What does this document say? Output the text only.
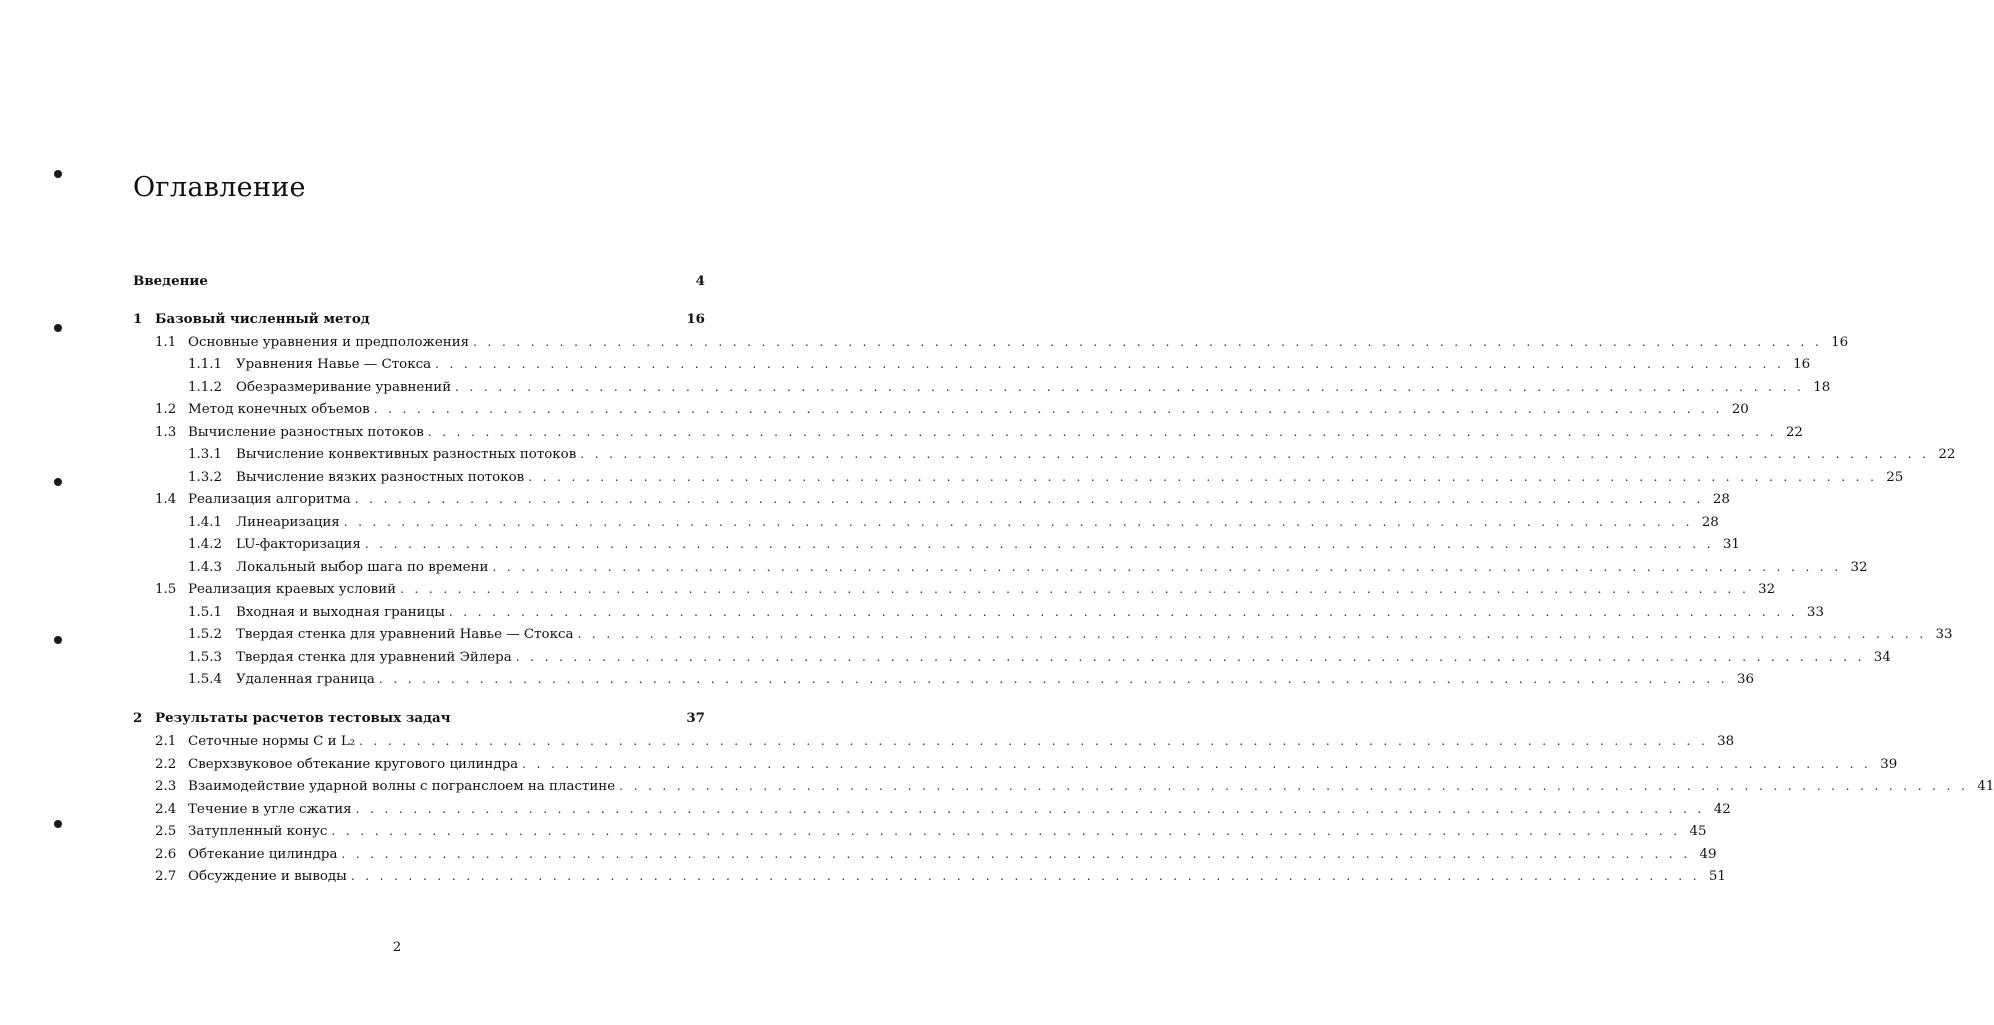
Оглавление
Введение	4
1 Базовый численный метод	16
1.1 Основные уравнения и предположения . . .	16
1.1.1	Уравнения Навье — Стокса . . .	16
1.1.2	Обезразмеривание уравнений . . .	18
1.2 Метод конечных объемов . . .	20
1.3 Вычисление разностных потоков . . .	22
1.3.1	Вычисление конвективных разностных потоков . . .	22
1.3.2	Вычисление вязких разностных потоков . . .	25
1.4 Реализация алгоритма . . .	28
1.4.1	Линеаризация . . .	28
1.4.2	LU-факторизация . . .	31
1.4.3	Локальный выбор шага по времени . . .	32
1.5 Реализация краевых условий . . .	32
1.5.1	Входная и выходная границы . . .	33
1.5.2	Твердая стенка для уравнений Навье — Стокса . . .	33
1.5.3	Твердая стенка для уравнений Эйлера . . .	34
1.5.4	Удаленная граница . . .	36
2 Результаты расчетов тестовых задач	37
2.1 Сеточные нормы C и L₂ . . .	38
2.2 Сверхзвуковое обтекание кругового цилиндра . . .	39
2.3 Взаимодействие ударной волны с погранслоем на пластине . . .	41
2.4 Течение в угле сжатия . . .	42
2.5 Затупленный конус . . .	45
2.6 Обтекание цилиндра . . .	49
2.7 Обсуждение и выводы . . .	51
2
